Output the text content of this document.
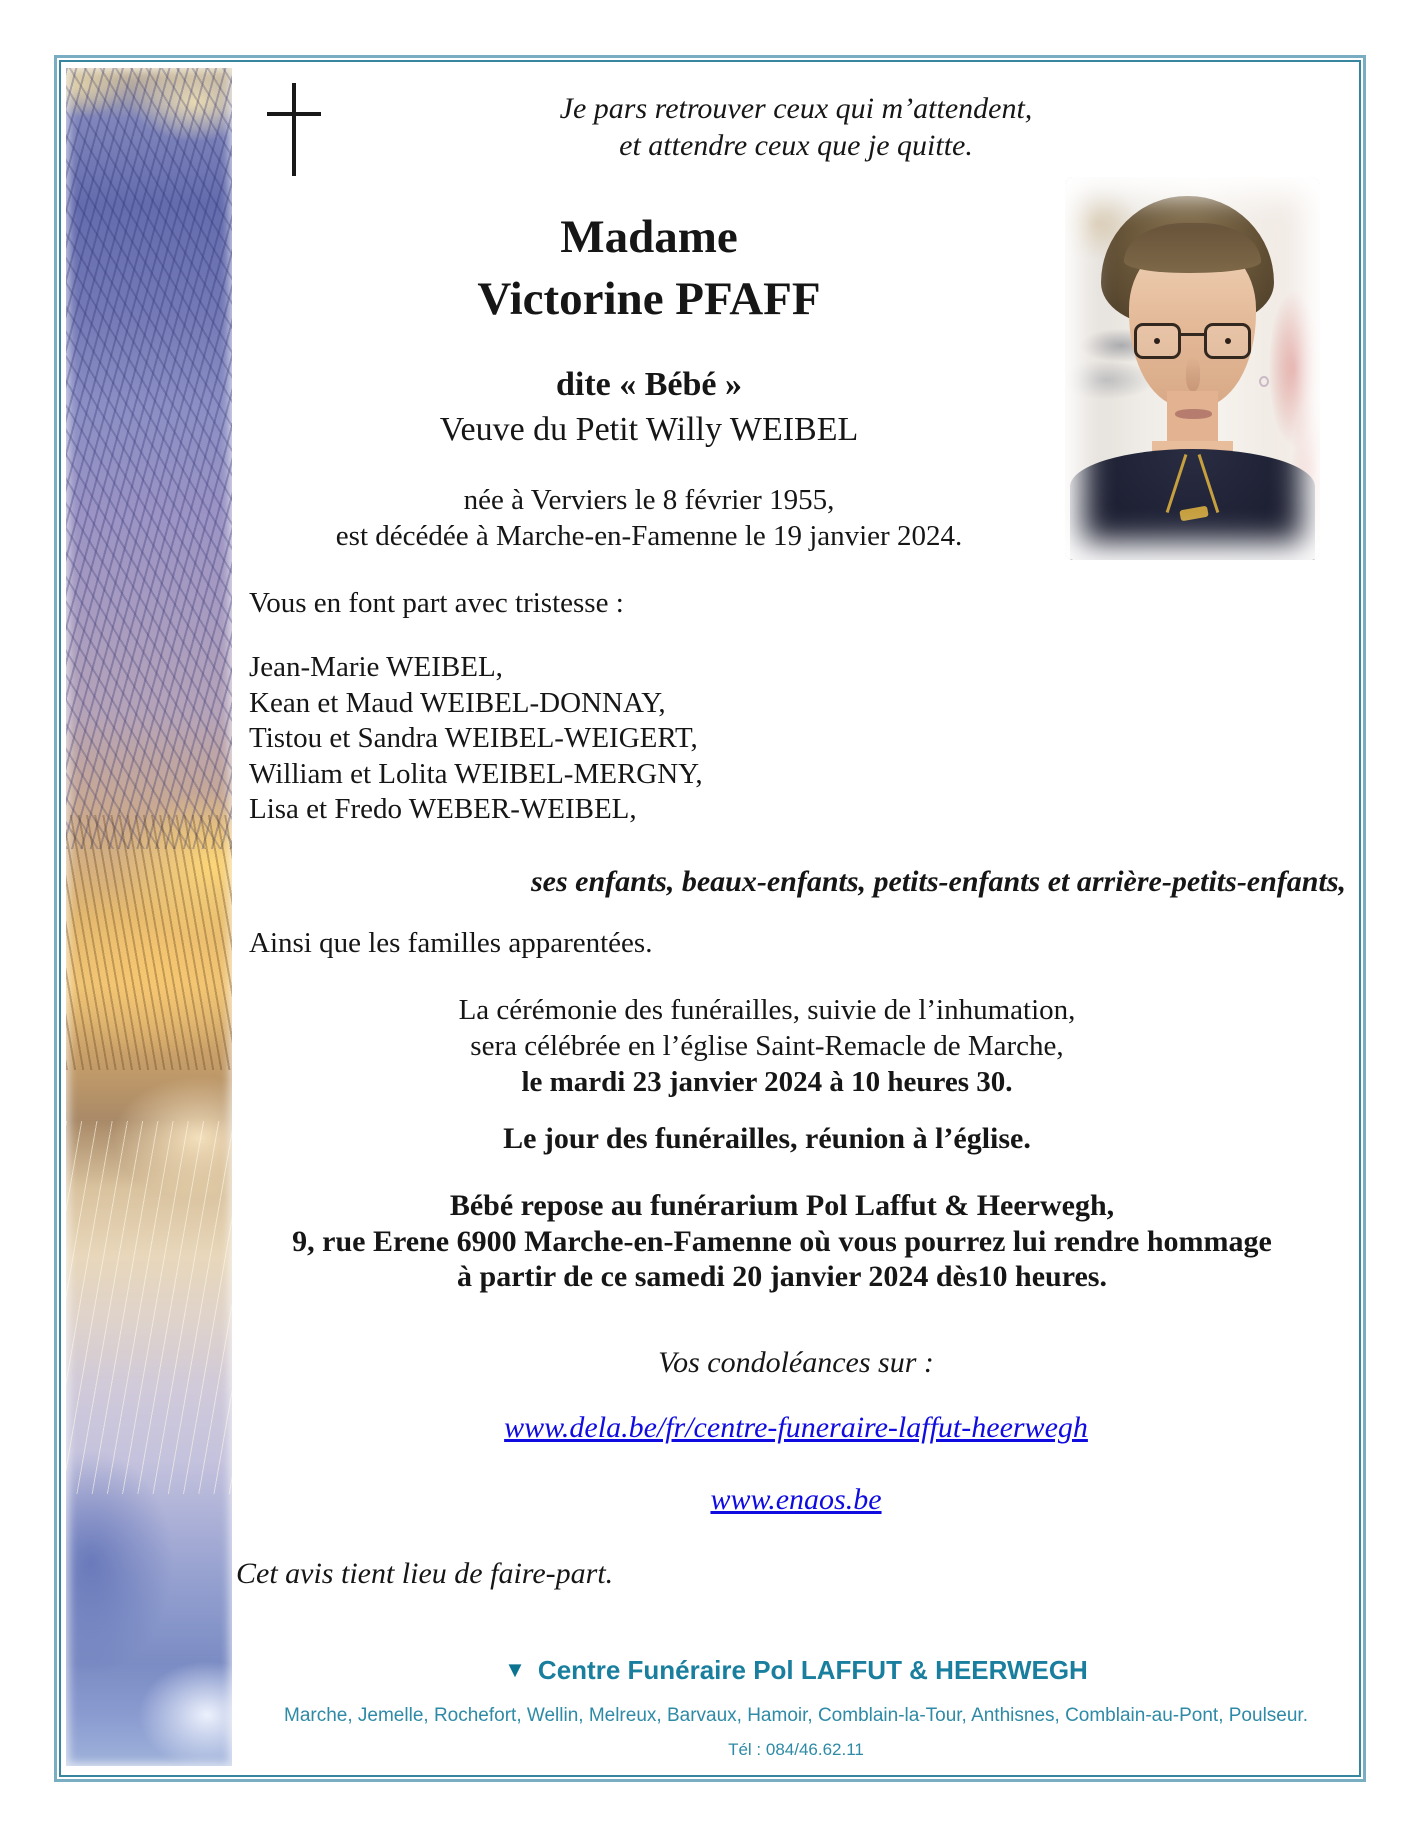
Je pars retrouver ceux qui m’attendent,
et attendre ceux que je quitte.
Madame
Victorine PFAFF
dite « Bébé »
Veuve du Petit Willy WEIBEL
née à Verviers le 8 février 1955,
est décédée à Marche-en-Famenne le 19 janvier 2024.
Vous en font part avec tristesse :
Jean-Marie WEIBEL,
Kean et Maud WEIBEL-DONNAY,
Tistou et Sandra WEIBEL-WEIGERT,
William et Lolita WEIBEL-MERGNY,
Lisa et Fredo WEBER-WEIBEL,
ses enfants, beaux-enfants, petits-enfants et arrière-petits-enfants,
Ainsi que les familles apparentées.
La cérémonie des funérailles, suivie de l’inhumation,
sera célébrée en l’église Saint-Remacle de Marche,
le mardi 23 janvier 2024 à 10 heures 30.
Le jour des funérailles, réunion à l’église.
Bébé repose au funérarium Pol Laffut & Heerwegh,
9, rue Erene 6900 Marche-en-Famenne où vous pourrez lui rendre hommage
à partir de ce samedi 20 janvier 2024 dès10 heures.
Vos condoléances sur :
www.dela.be/fr/centre-funeraire-laffut-heerwegh
www.enaos.be
Cet avis tient lieu de faire-part.
▼ Centre Funéraire Pol LAFFUT & HEERWEGH
Marche, Jemelle, Rochefort, Wellin, Melreux, Barvaux, Hamoir, Comblain-la-Tour, Anthisnes, Comblain-au-Pont, Poulseur.
Tél : 084/46.62.11
